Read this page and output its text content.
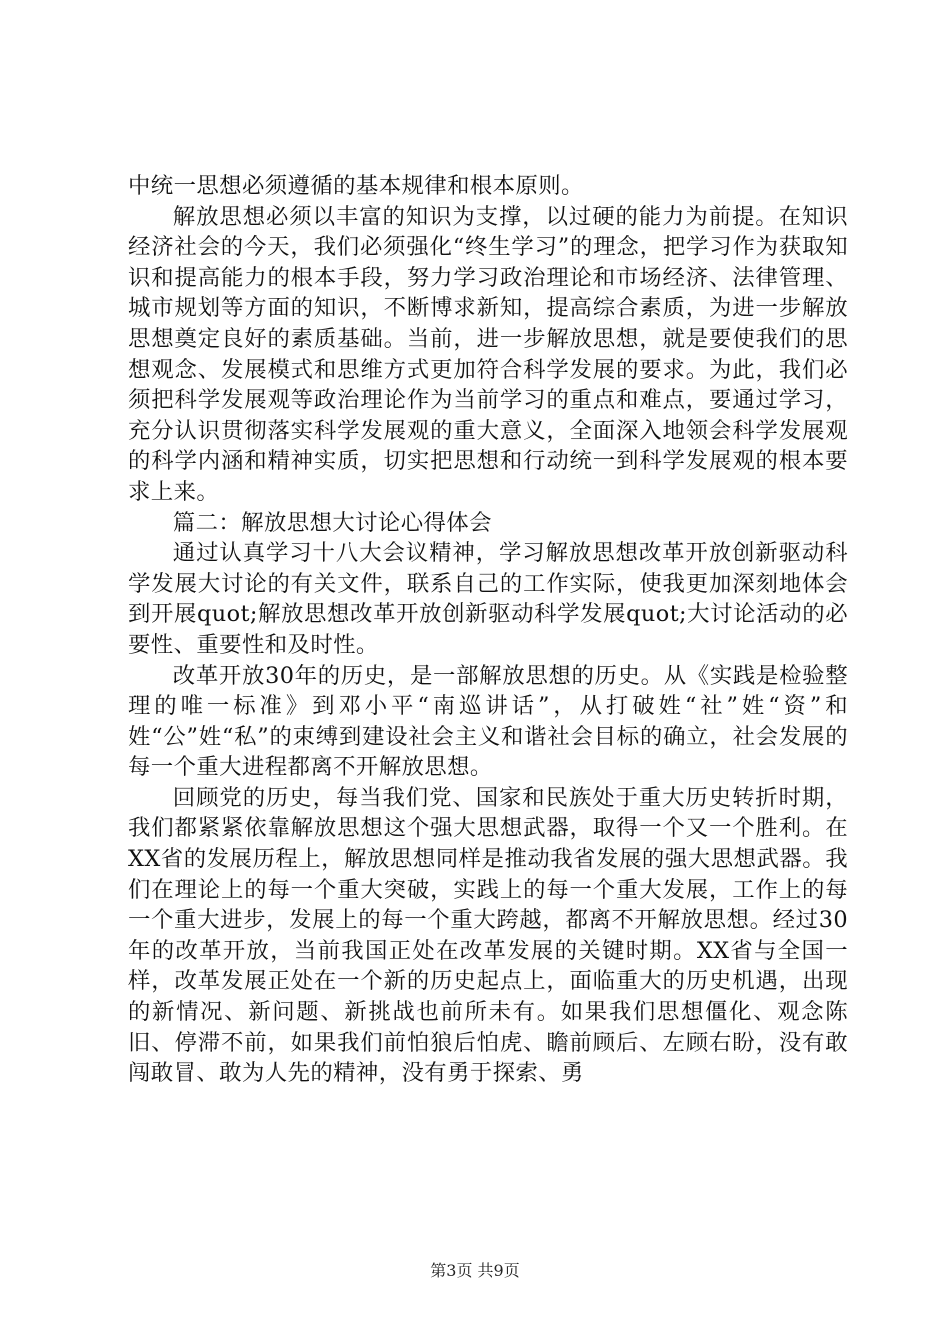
中统一思想必须遵循的基本规律和根本原则。

解放思想必须以丰富的知识为支撑，以过硬的能力为前提。在知识经济社会的今天，我们必须强化“终生学习”的理念，把学习作为获取知识和提高能力的根本手段，努力学习政治理论和市场经济、法律管理、城市规划等方面的知识，不断博求新知，提高综合素质，为进一步解放思想奠定良好的素质基础。当前，进一步解放思想，就是要使我们的思想观念、发展模式和思维方式更加符合科学发展的要求。为此，我们必须把科学发展观等政治理论作为当前学习的重点和难点，要通过学习，充分认识贯彻落实科学发展观的重大意义，全面深入地领会科学发展观的科学内涵和精神实质，切实把思想和行动统一到科学发展观的根本要求上来。

篇二：解放思想大讨论心得体会

通过认真学习十八大会议精神，学习解放思想改革开放创新驱动科学发展大讨论的有关文件，联系自己的工作实际，使我更加深刻地体会到开展quot;解放思想改革开放创新驱动科学发展quot;大讨论活动的必要性、重要性和及时性。

改革开放30年的历史，是一部解放思想的历史。从《实践是检验整理的唯一标准》到邓小平“南巡讲话”，从打破姓“社”姓“资”和姓“公”姓“私”的束缚到建设社会主义和谐社会目标的确立，社会发展的每一个重大进程都离不开解放思想。

回顾党的历史，每当我们党、国家和民族处于重大历史转折时期，我们都紧紧依靠解放思想这个强大思想武器，取得一个又一个胜利。在XX省的发展历程上，解放思想同样是推动我省发展的强大思想武器。我们在理论上的每一个重大突破，实践上的每一个重大发展，工作上的每一个重大进步，发展上的每一个重大跨越，都离不开解放思想。经过30年的改革开放，当前我国正处在改革发展的关键时期。XX省与全国一样，改革发展正处在一个新的历史起点上，面临重大的历史机遇，出现的新情况、新问题、新挑战也前所未有。如果我们思想僵化、观念陈旧、停滞不前，如果我们前怕狼后怕虎、瞻前顾后、左顾右盼，没有敢闯敢冒、敢为人先的精神，没有勇于探索、勇

第3页 共9页
